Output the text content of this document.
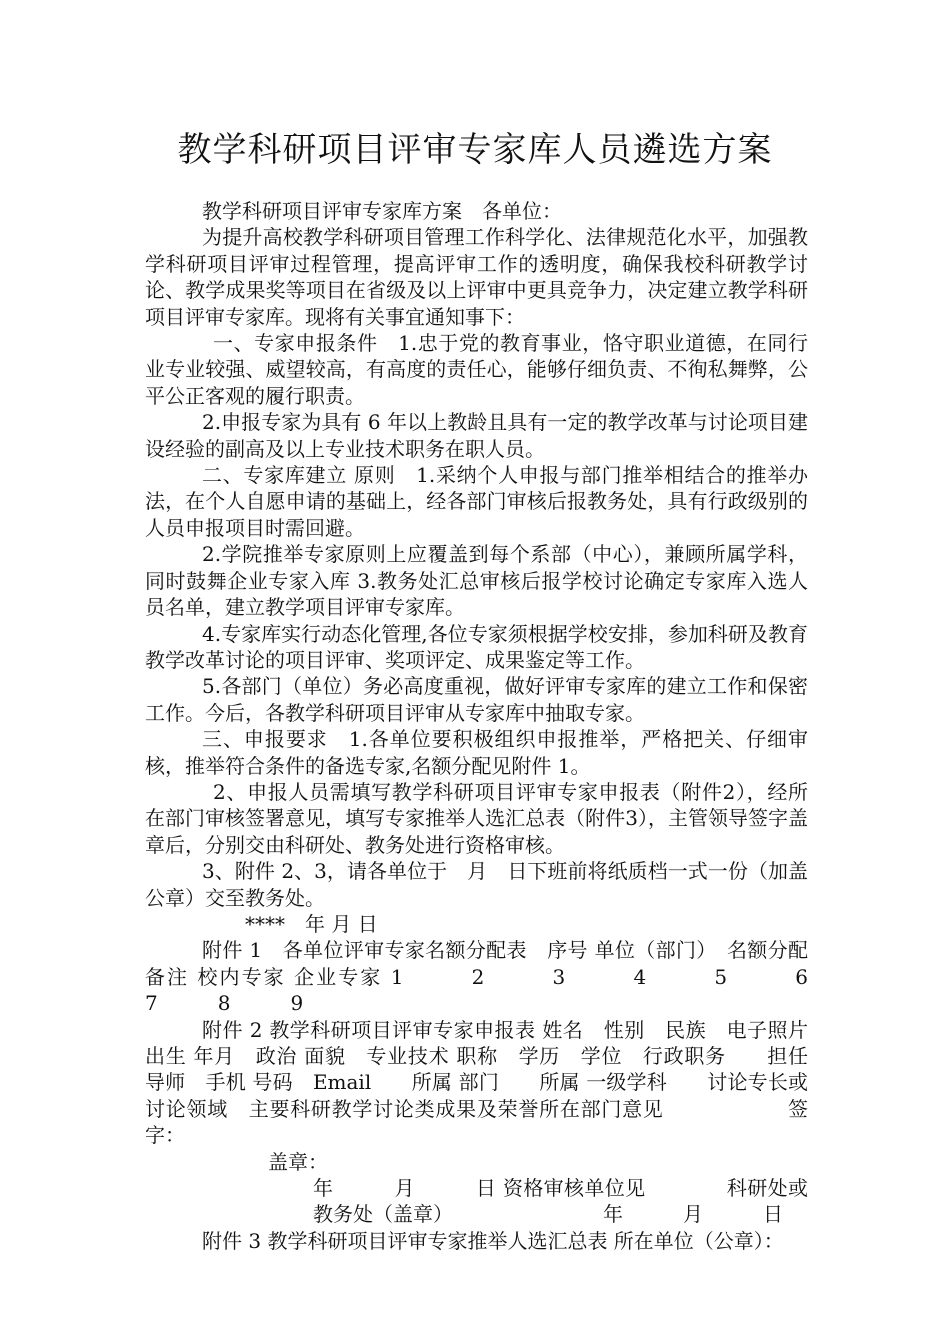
教学科研项目评审专家库人员遴选方案

教学科研项目评审专家库方案　各单位：

为提升高校教学科研项目管理工作科学化、法律规范化水平，加强教学科研项目评审过程管理，提高评审工作的透明度，确保我校科研教学讨论、教学成果奖等项目在省级及以上评审中更具竞争力，决定建立教学科研项目评审专家库。现将有关事宜通知事下：

一、专家申报条件　1.忠于党的教育事业，恪守职业道德，在同行业专业较强、威望较高，有高度的责任心，能够仔细负责、不徇私舞弊，公平公正客观的履行职责。

2.申报专家为具有 6 年以上教龄且具有一定的教学改革与讨论项目建设经验的副高及以上专业技术职务在职人员。

二、专家库建立 原则　1.采纳个人申报与部门推举相结合的推举办法，在个人自愿申请的基础上，经各部门审核后报教务处，具有行政级别的人员申报项目时需回避。

2.学院推举专家原则上应覆盖到每个系部（中心），兼顾所属学科，同时鼓舞企业专家入库 3.教务处汇总审核后报学校讨论确定专家库入选人员名单，建立教学项目评审专家库。

4.专家库实行动态化管理,各位专家须根据学校安排，参加科研及教育教学改革讨论的项目评审、奖项评定、成果鉴定等工作。

5.各部门（单位）务必高度重视，做好评审专家库的建立工作和保密工作。今后，各教学科研项目评审从专家库中抽取专家。

三、申报要求　1.各单位要积极组织申报推举，严格把关、仔细审核，推举符合条件的备选专家,名额分配见附件 1。

2、申报人员需填写教学科研项目评审专家申报表（附件2），经所在部门审核签署意见，填写专家推举人选汇总表（附件3），主管领导签字盖章后，分别交由科研处、教务处进行资格审核。

3、附件 2、3，请各单位于　月　日下班前将纸质档一式一份（加盖公章）交至教务处。

****　年 月 日

附件 1　各单位评审专家名额分配表　序号 单位（部门）　名额分配 备注 校内专家 企业专家 1　　　2　　　3　　　4　　　5　　　6　　　7　　　8　　　9

附件 2 教学科研项目评审专家申报表 姓名　性别　民族　电子照片 出生 年月　政治 面貌　专业技术 职称　学历　学位　行政职务　　担任 导师　手机 号码　Email　　所属 部门　　所属 一级学科　　讨论专长或讨论领域　主要科研教学讨论类成果及荣誉所在部门意见　　　　　　签字：

盖章：

年　　　月　　　日 资格审核单位见　　　　科研处或教务处（盖章）　　　　　　　　年　　　月　　　日

附件 3 教学科研项目评审专家推举人选汇总表 所在单位（公章）：
